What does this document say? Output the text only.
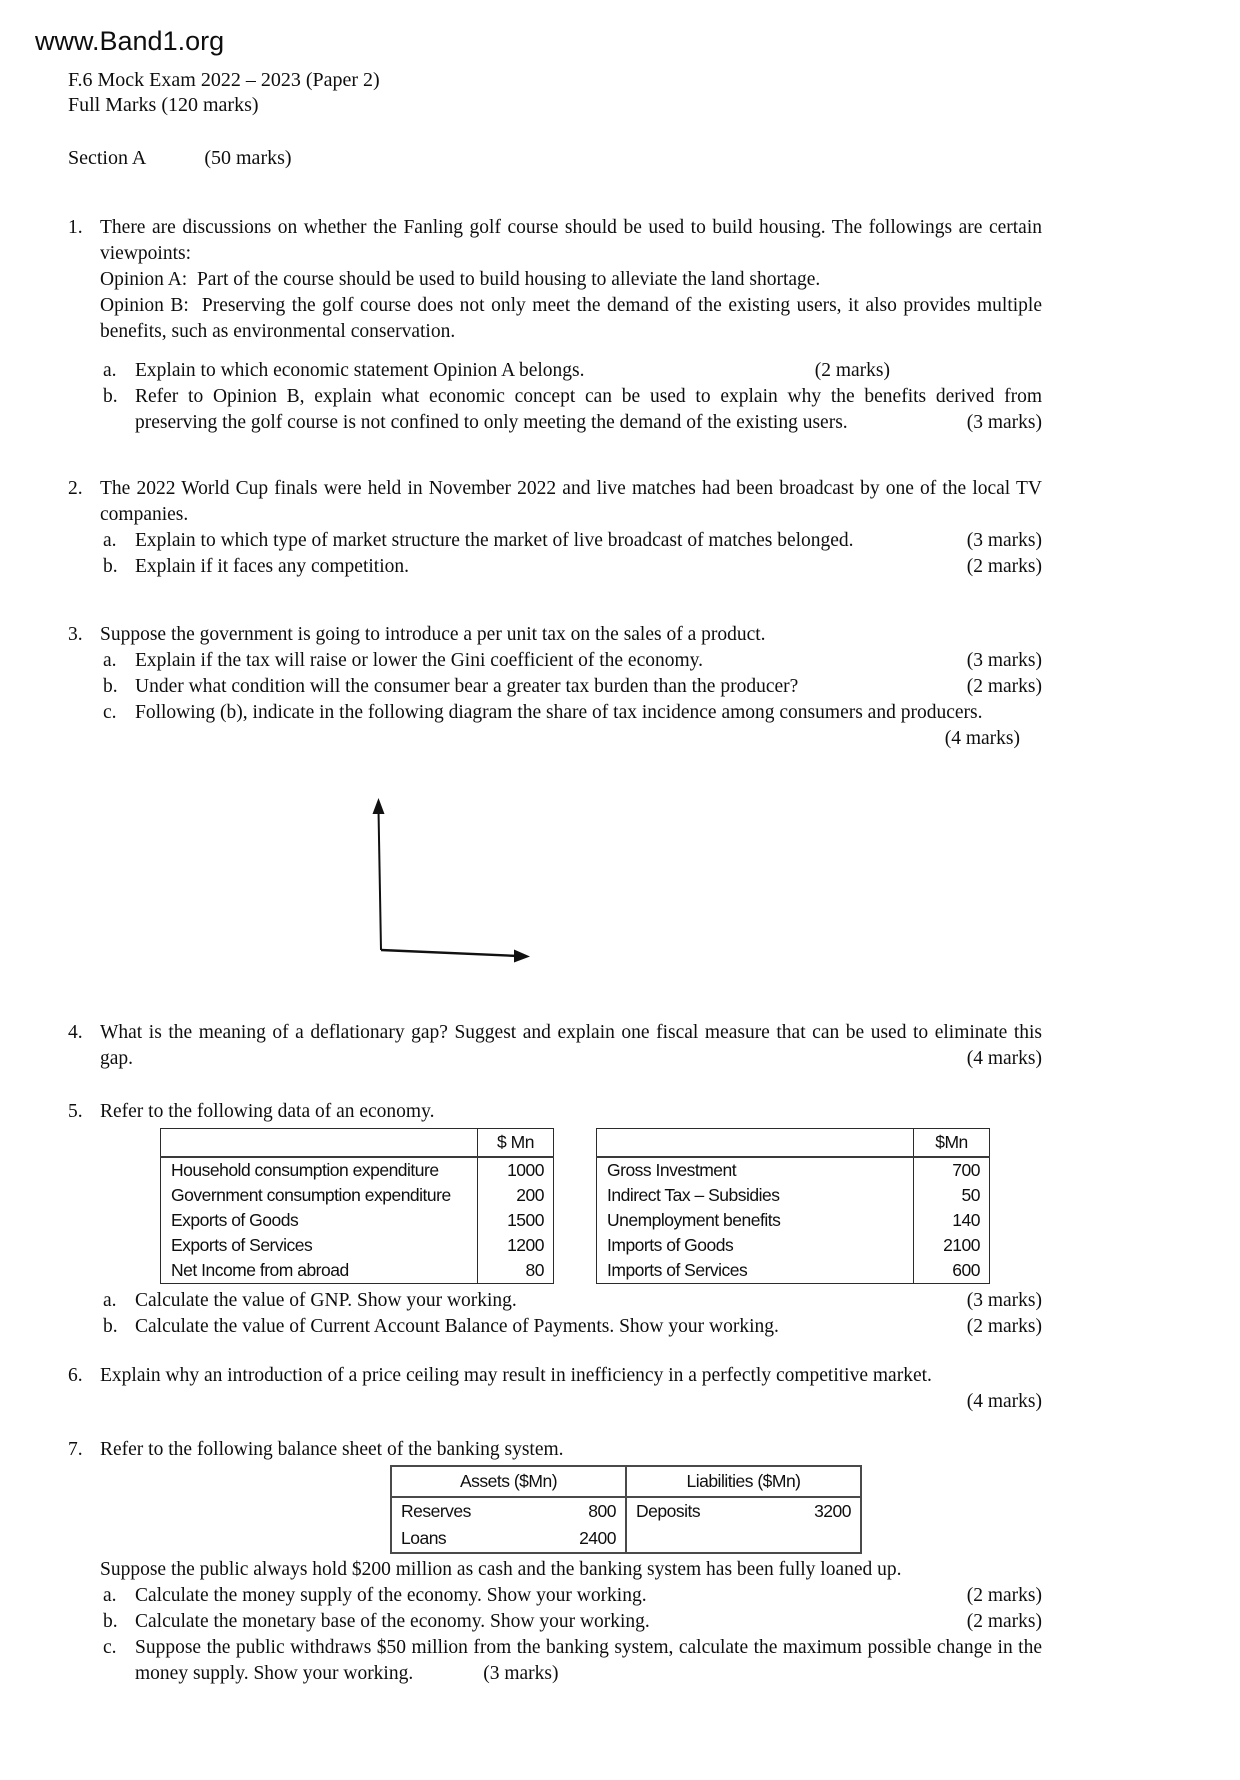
www.Band1.org
F.6 Mock Exam 2022 – 2023 (Paper 2)
Full Marks (120 marks)
Section A	(50 marks)
1. There are discussions on whether the Fanling golf course should be used to build housing. The followings are certain viewpoints:
Opinion A:  Part of the course should be used to build housing to alleviate the land shortage.
Opinion B:  Preserving the golf course does not only meet the demand of the existing users, it also provides multiple benefits, such as environmental conservation.
a. Explain to which economic statement Opinion A belongs.	(2 marks)
b. Refer to Opinion B, explain what economic concept can be used to explain why the benefits derived from preserving the golf course is not confined to only meeting the demand of the existing users.	(3 marks)
2. The 2022 World Cup finals were held in November 2022 and live matches had been broadcast by one of the local TV companies.
a. Explain to which type of market structure the market of live broadcast of matches belonged.	(3 marks)
b. Explain if it faces any competition.	(2 marks)
3. Suppose the government is going to introduce a per unit tax on the sales of a product.
a. Explain if the tax will raise or lower the Gini coefficient of the economy.	(3 marks)
b. Under what condition will the consumer bear a greater tax burden than the producer?	(2 marks)
c. Following (b), indicate in the following diagram the share of tax incidence among consumers and producers.
(4 marks)
4. What is the meaning of a deflationary gap? Suggest and explain one fiscal measure that can be used to eliminate this gap.	(4 marks)
5. Refer to the following data of an economy.
	$ Mn
Household consumption expenditure	1000
Government consumption expenditure	200
Exports of Goods	1500
Exports of Services	1200
Net Income from abroad	80
	$Mn
Gross Investment	700
Indirect Tax – Subsidies	50
Unemployment benefits	140
Imports of Goods	2100
Imports of Services	600
a. Calculate the value of GNP. Show your working.	(3 marks)
b. Calculate the value of Current Account Balance of Payments. Show your working.	(2 marks)
6. Explain why an introduction of a price ceiling may result in inefficiency in a perfectly competitive market.
(4 marks)
7. Refer to the following balance sheet of the banking system.
Assets ($Mn)		Liabilities ($Mn)	
Reserves	800	Deposits	3200
Loans	2400		
Suppose the public always hold $200 million as cash and the banking system has been fully loaned up.
a. Calculate the money supply of the economy. Show your working.	(2 marks)
b. Calculate the monetary base of the economy. Show your working.	(2 marks)
c. Suppose the public withdraws $50 million from the banking system, calculate the maximum possible change in the money supply. Show your working.	(3 marks)
